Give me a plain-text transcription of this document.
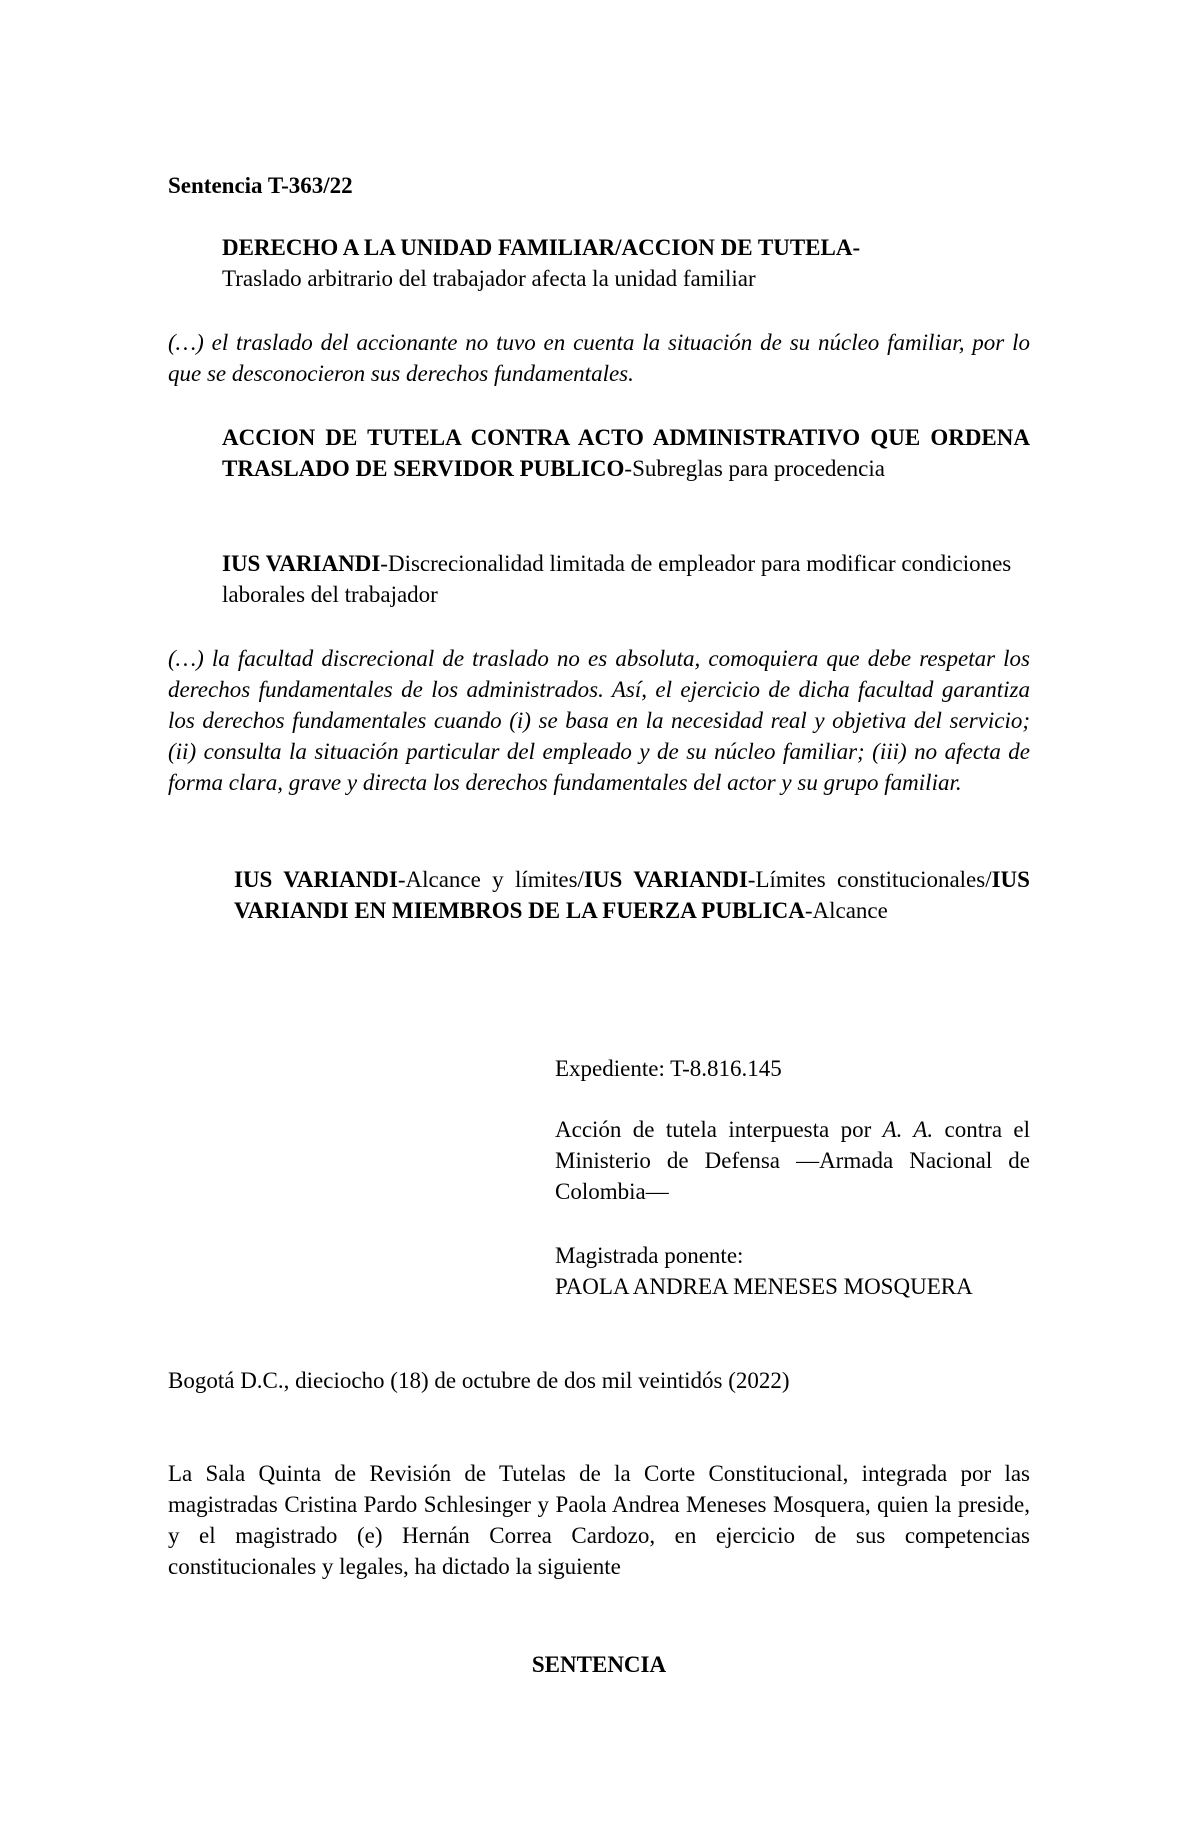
Sentencia T-363/22
DERECHO A LA UNIDAD FAMILIAR/ACCION DE TUTELA-
Traslado arbitrario del trabajador afecta la unidad familiar
(…) el traslado del accionante no tuvo en cuenta la situación de su núcleo familiar, por lo que se desconocieron sus derechos fundamentales.
ACCION DE TUTELA CONTRA ACTO ADMINISTRATIVO QUE ORDENA TRASLADO DE SERVIDOR PUBLICO-Subreglas para procedencia
IUS VARIANDI-Discrecionalidad limitada de empleador para modificar condiciones laborales del trabajador
(…) la facultad discrecional de traslado no es absoluta, comoquiera que debe respetar los derechos fundamentales de los administrados. Así, el ejercicio de dicha facultad garantiza los derechos fundamentales cuando (i) se basa en la necesidad real y objetiva del servicio; (ii) consulta la situación particular del empleado y de su núcleo familiar; (iii) no afecta de forma clara, grave y directa los derechos fundamentales del actor y su grupo familiar.
IUS VARIANDI-Alcance y límites/IUS VARIANDI-Límites constitucionales/IUS VARIANDI EN MIEMBROS DE LA FUERZA PUBLICA-Alcance
Expediente: T-8.816.145
Acción de tutela interpuesta por A. A. contra el Ministerio de Defensa —Armada Nacional de Colombia—
Magistrada ponente:
PAOLA ANDREA MENESES MOSQUERA
Bogotá D.C., dieciocho (18) de octubre de dos mil veintidós (2022)
La Sala Quinta de Revisión de Tutelas de la Corte Constitucional, integrada por las magistradas Cristina Pardo Schlesinger y Paola Andrea Meneses Mosquera, quien la preside, y el magistrado (e) Hernán Correa Cardozo, en ejercicio de sus competencias constitucionales y legales, ha dictado la siguiente
SENTENCIA
